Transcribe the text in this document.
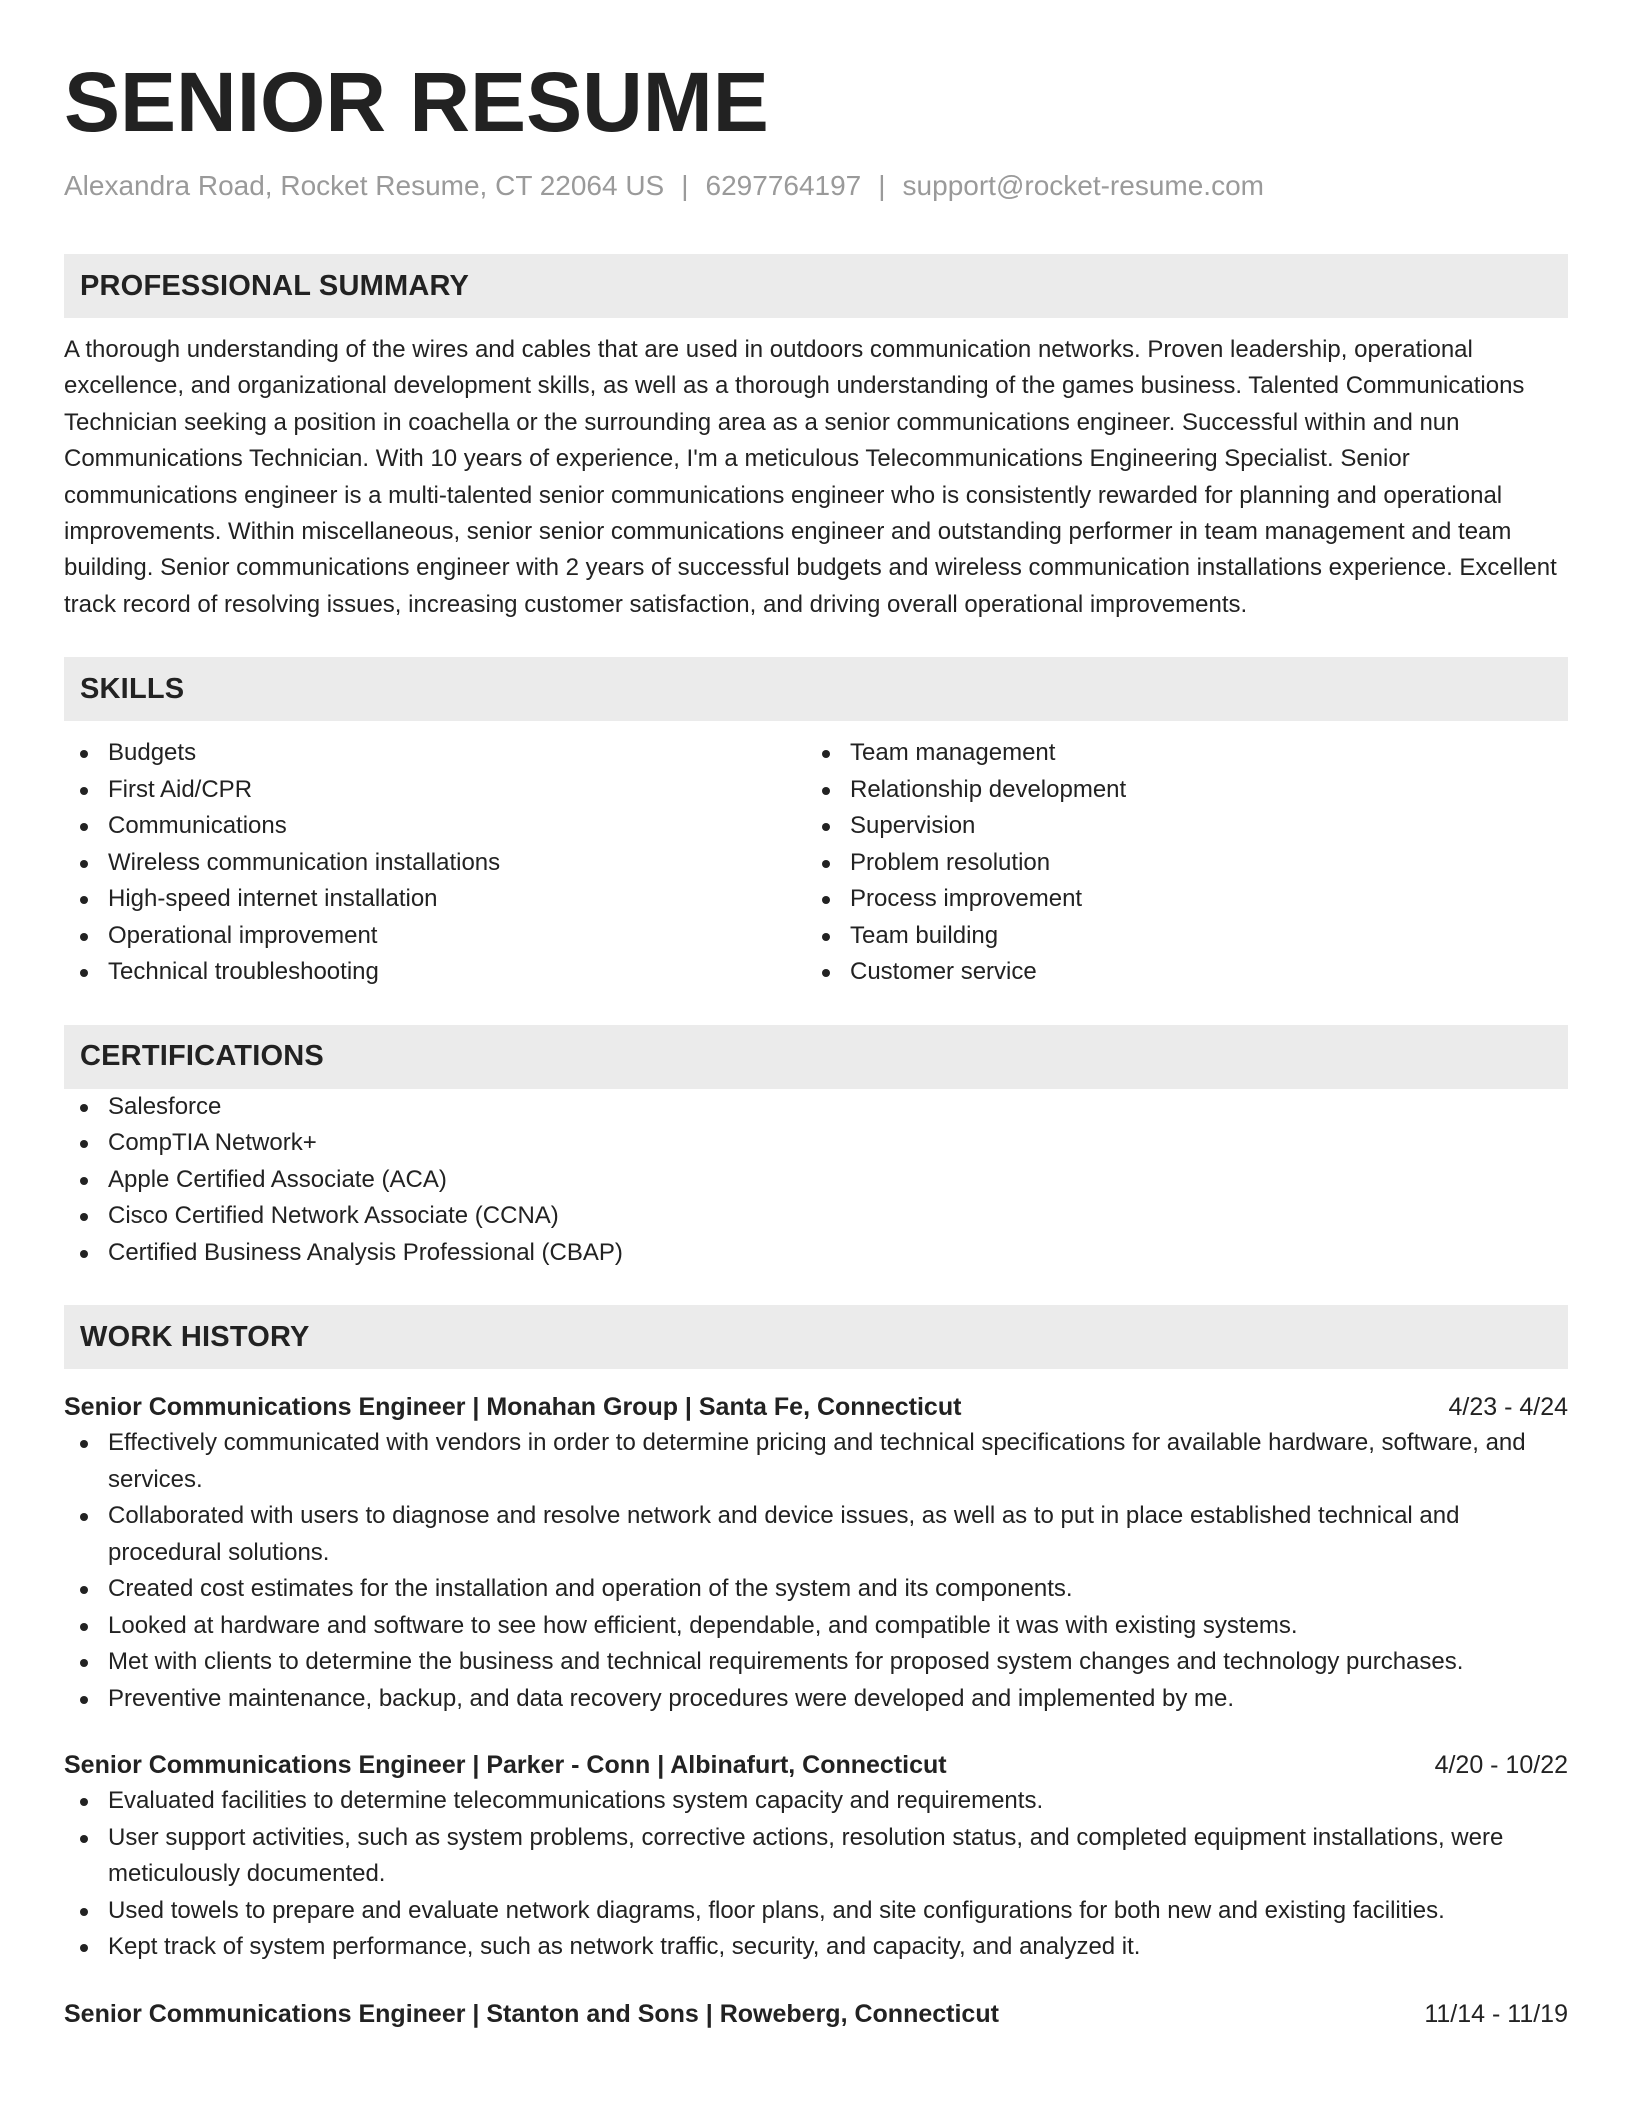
SENIOR RESUME
Alexandra Road, Rocket Resume, CT 22064 US | 6297764197 | support@rocket-resume.com
PROFESSIONAL SUMMARY

A thorough understanding of the wires and cables that are used in outdoors communication networks. Proven leadership, operational excellence, and organizational development skills, as well as a thorough understanding of the games business. Talented Communications Technician seeking a position in coachella or the surrounding area as a senior communications engineer. Successful within and nun Communications Technician. With 10 years of experience, I'm a meticulous Telecommunications Engineering Specialist. Senior communications engineer is a multi-talented senior communications engineer who is consistently rewarded for planning and operational improvements. Within miscellaneous, senior senior communications engineer and outstanding performer in team management and team building. Senior communications engineer with 2 years of successful budgets and wireless communication installations experience. Excellent track record of resolving issues, increasing customer satisfaction, and driving overall operational improvements.

SKILLS
Budgets
First Aid/CPR
Communications
Wireless communication installations
High-speed internet installation
Operational improvement
Technical troubleshooting
Team management
Relationship development
Supervision
Problem resolution
Process improvement
Team building
Customer service
CERTIFICATIONS
Salesforce
CompTIA Network+
Apple Certified Associate (ACA)
Cisco Certified Network Associate (CCNA)
Certified Business Analysis Professional (CBAP)
WORK HISTORY
Senior Communications Engineer | Monahan Group | Santa Fe, Connecticut	4/23 - 4/24
Effectively communicated with vendors in order to determine pricing and technical specifications for available hardware, software, and services.
Collaborated with users to diagnose and resolve network and device issues, as well as to put in place established technical and procedural solutions.
Created cost estimates for the installation and operation of the system and its components.
Looked at hardware and software to see how efficient, dependable, and compatible it was with existing systems.
Met with clients to determine the business and technical requirements for proposed system changes and technology purchases.
Preventive maintenance, backup, and data recovery procedures were developed and implemented by me.
Senior Communications Engineer | Parker - Conn | Albinafurt, Connecticut	4/20 - 10/22
Evaluated facilities to determine telecommunications system capacity and requirements.
User support activities, such as system problems, corrective actions, resolution status, and completed equipment installations, were meticulously documented.
Used towels to prepare and evaluate network diagrams, floor plans, and site configurations for both new and existing facilities.
Kept track of system performance, such as network traffic, security, and capacity, and analyzed it.
Senior Communications Engineer | Stanton and Sons | Roweberg, Connecticut	11/14 - 11/19
